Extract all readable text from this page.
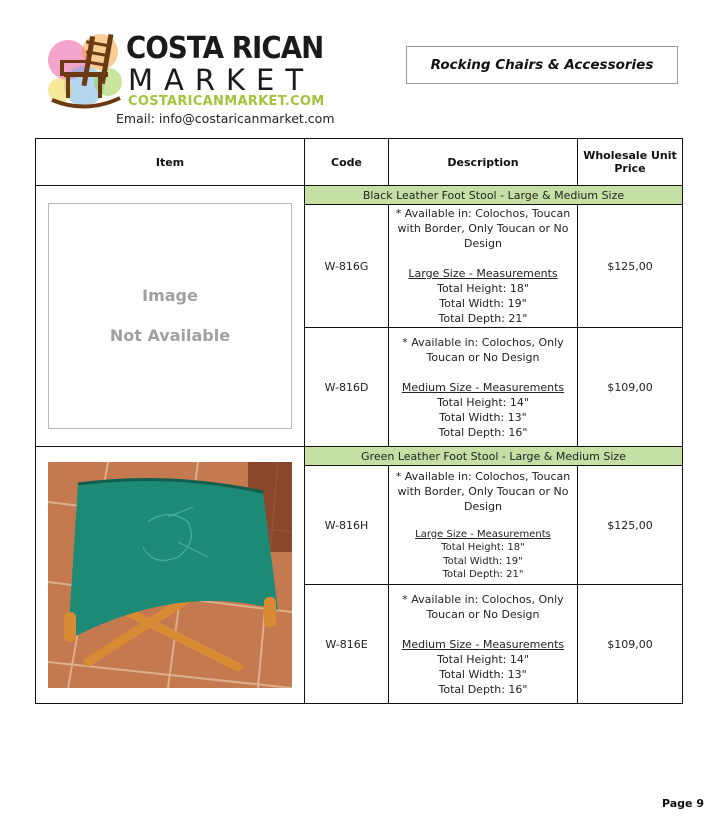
COSTA RICAN
MARKET
COSTARICANMARKET.COM
Email: info@costaricanmarket.com
Rocking Chairs & Accessories
Item	Code	Description	Wholesale Unit Price

Image
Not Available	Black Leather Foot Stool - Large & Medium Size		
	W-816G	* Available in: Colochos, Toucan with Border, Only Toucan or No Design
Large Size - Measurements
Total Height: 18"
Total Width: 19"
Total Depth: 21"	$125,00
	W-816D	* Available in: Colochos, Only Toucan or No Design
Medium Size - Measurements
Total Height: 14"
Total Width: 13"
Total Depth: 16"	$109,00

	Green Leather Foot Stool - Large & Medium Size		
	W-816H	* Available in: Colochos, Toucan with Border, Only Toucan or No Design
Large Size - Measurements
Total Height: 18"
Total Width: 19"
Total Depth: 21"	$125,00
	W-816E	* Available in: Colochos, Only Toucan or No Design
Medium Size - Measurements
Total Height: 14"
Total Width: 13"
Total Depth: 16"	$109,00
Page 9
